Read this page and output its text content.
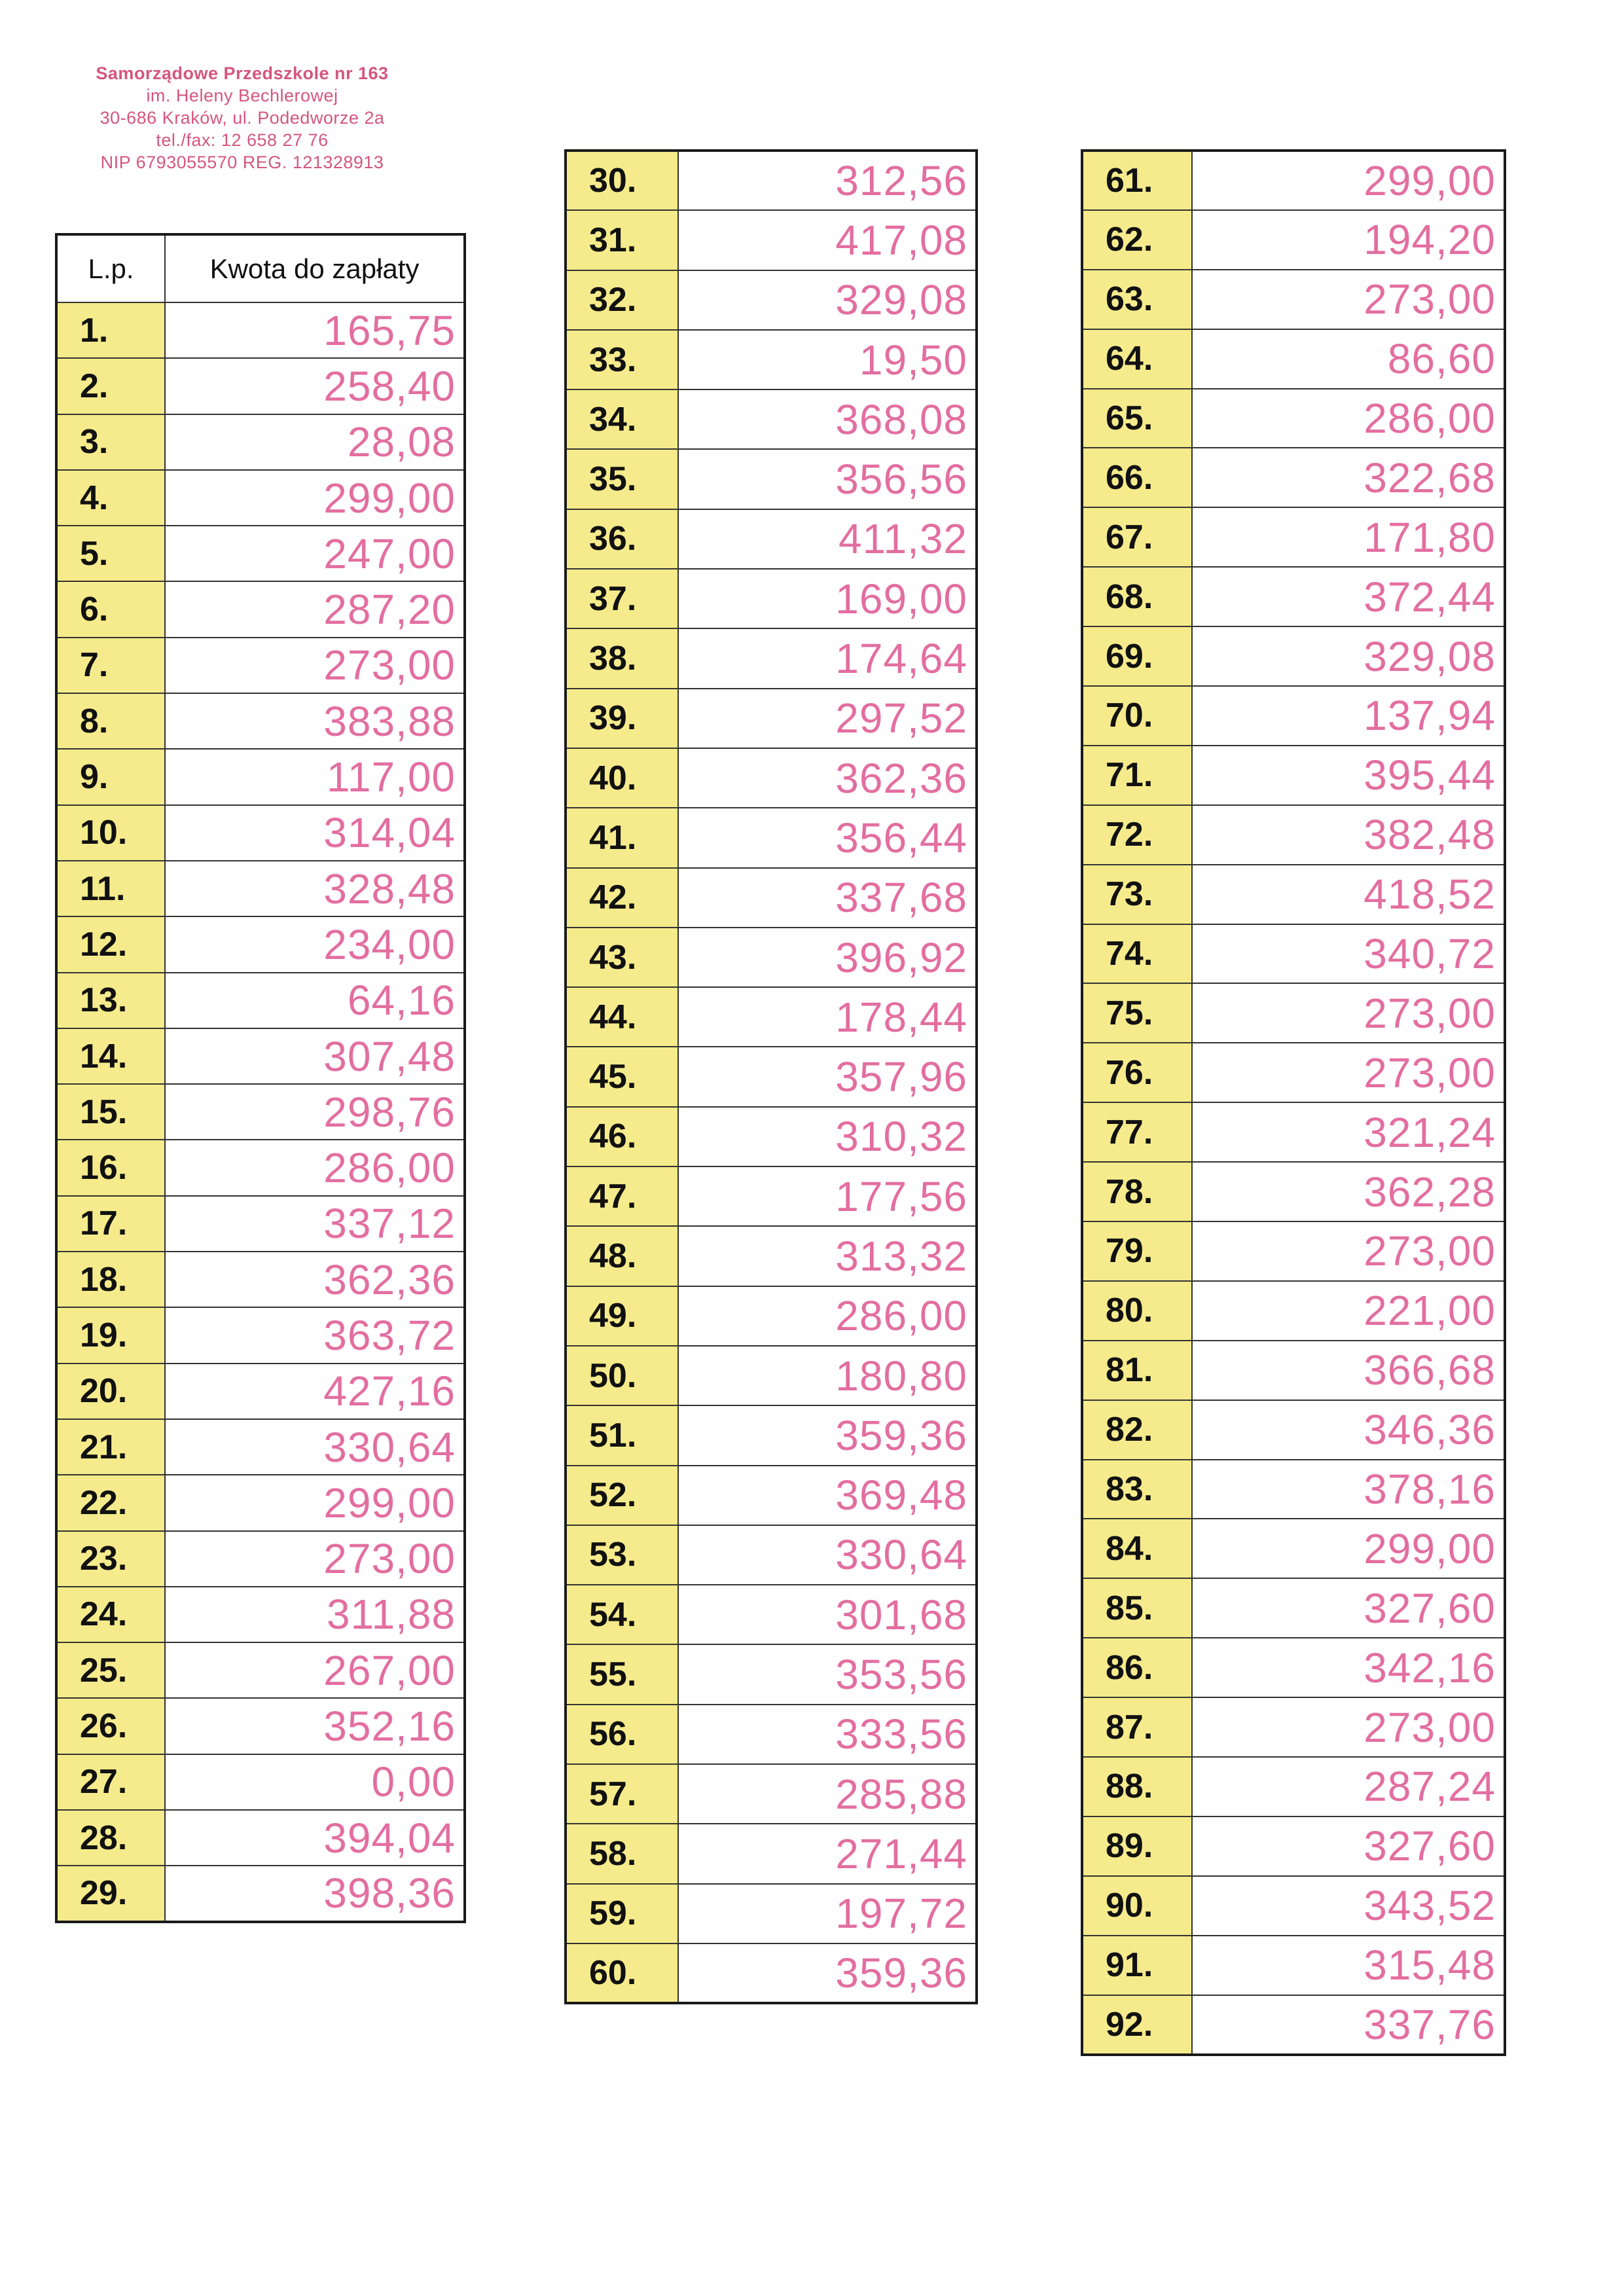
Samorządowe Przedszkole nr 163
im. Heleny Bechlerowej
30-686 Kraków, ul. Podedworze 2a
tel./fax: 12 658 27 76
NIP 6793055570 REG. 121328913
L.p.	Kwota do zapłaty
1.	165,75
2.	258,40
3.	28,08
4.	299,00
5.	247,00
6.	287,20
7.	273,00
8.	383,88
9.	117,00
10.	314,04
11.	328,48
12.	234,00
13.	64,16
14.	307,48
15.	298,76
16.	286,00
17.	337,12
18.	362,36
19.	363,72
20.	427,16
21.	330,64
22.	299,00
23.	273,00
24.	311,88
25.	267,00
26.	352,16
27.	0,00
28.	394,04
29.	398,36
30.	312,56
31.	417,08
32.	329,08
33.	19,50
34.	368,08
35.	356,56
36.	411,32
37.	169,00
38.	174,64
39.	297,52
40.	362,36
41.	356,44
42.	337,68
43.	396,92
44.	178,44
45.	357,96
46.	310,32
47.	177,56
48.	313,32
49.	286,00
50.	180,80
51.	359,36
52.	369,48
53.	330,64
54.	301,68
55.	353,56
56.	333,56
57.	285,88
58.	271,44
59.	197,72
60.	359,36
61.	299,00
62.	194,20
63.	273,00
64.	86,60
65.	286,00
66.	322,68
67.	171,80
68.	372,44
69.	329,08
70.	137,94
71.	395,44
72.	382,48
73.	418,52
74.	340,72
75.	273,00
76.	273,00
77.	321,24
78.	362,28
79.	273,00
80.	221,00
81.	366,68
82.	346,36
83.	378,16
84.	299,00
85.	327,60
86.	342,16
87.	273,00
88.	287,24
89.	327,60
90.	343,52
91.	315,48
92.	337,76
